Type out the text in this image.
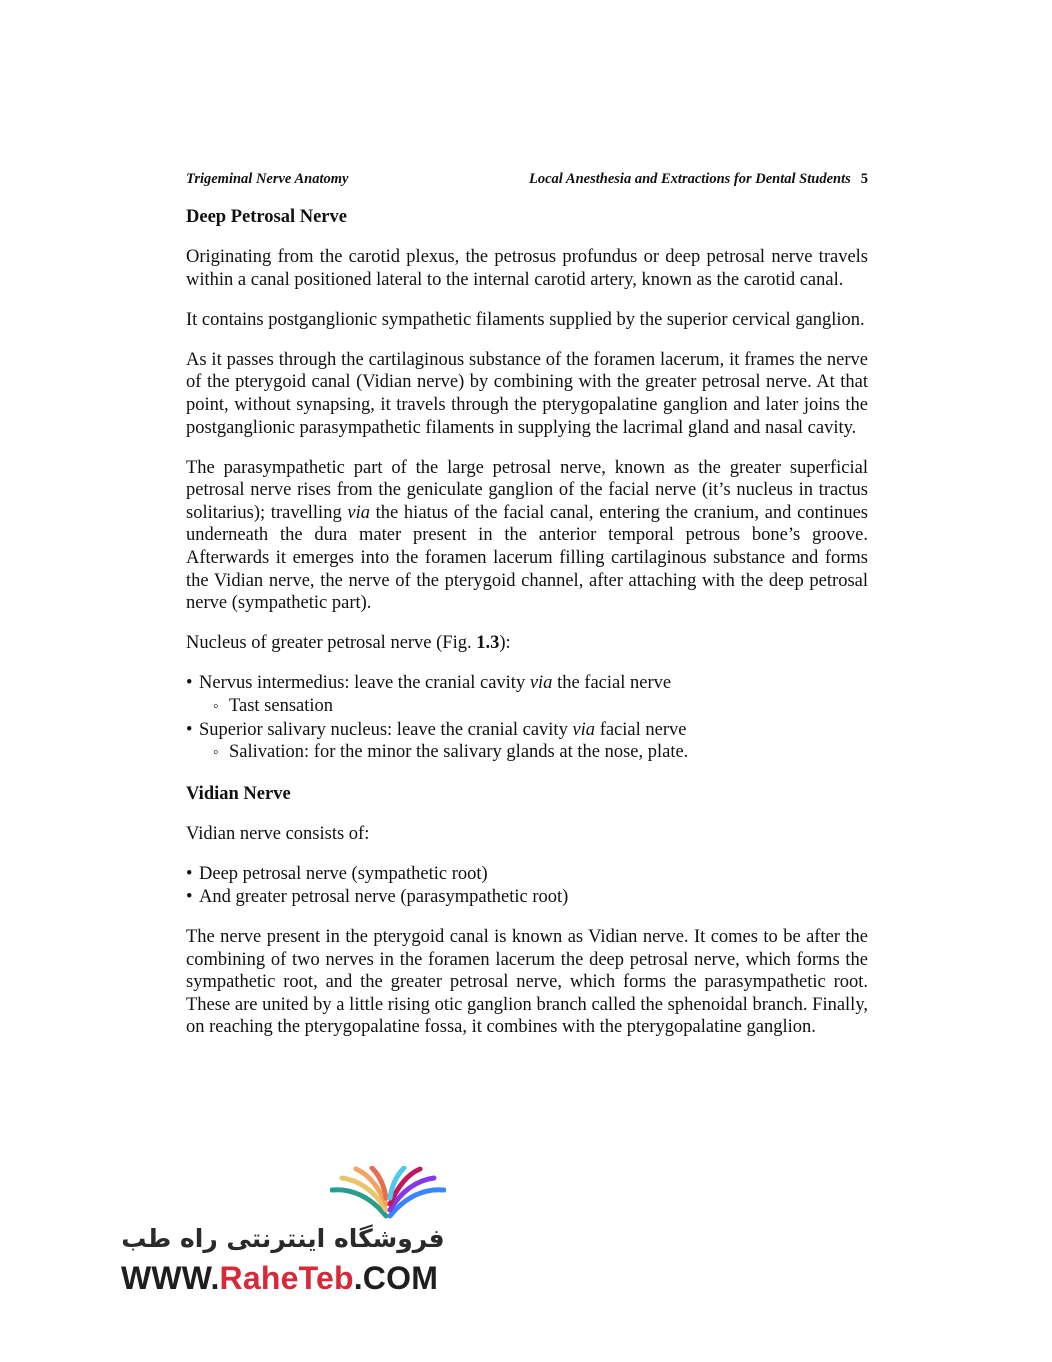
Trigeminal Nerve Anatomy	Local Anesthesia and Extractions for Dental Students 5
Deep Petrosal Nerve

Originating from the carotid plexus, the petrosus profundus or deep petrosal nerve travels within a canal positioned lateral to the internal carotid artery, known as the carotid canal.

It contains postganglionic sympathetic filaments supplied by the superior cervical ganglion.

As it passes through the cartilaginous substance of the foramen lacerum, it frames the nerve of the pterygoid canal (Vidian nerve) by combining with the greater petrosal nerve. At that point, without synapsing, it travels through the pterygopalatine ganglion and later joins the postganglionic parasympathetic filaments in supplying the lacrimal gland and nasal cavity.

The parasympathetic part of the large petrosal nerve, known as the greater superficial petrosal nerve rises from the geniculate ganglion of the facial nerve (it’s nucleus in tractus solitarius); travelling via the hiatus of the facial canal, entering the cranium, and continues underneath the dura mater present in the anterior temporal petrous bone’s groove. Afterwards it emerges into the foramen lacerum filling cartilaginous substance and forms the Vidian nerve, the nerve of the pterygoid channel, after attaching with the deep petrosal nerve (sympathetic part).

Nucleus of greater petrosal nerve (Fig. 1.3):

• Nervus intermedius: leave the cranial cavity via the facial nerve
◦ Tast sensation
• Superior salivary nucleus: leave the cranial cavity via facial nerve
◦ Salivation: for the minor the salivary glands at the nose, plate.
Vidian Nerve

Vidian nerve consists of:

• Deep petrosal nerve (sympathetic root)
• And greater petrosal nerve (parasympathetic root)

The nerve present in the pterygoid canal is known as Vidian nerve. It comes to be after the combining of two nerves in the foramen lacerum the deep petrosal nerve, which forms the sympathetic root, and the greater petrosal nerve, which forms the parasympathetic root. These are united by a little rising otic ganglion branch called the sphenoidal branch. Finally, on reaching the pterygopalatine fossa, it combines with the pterygopalatine ganglion.

فروشگاه اینترنتی راه طب
WWW.RaheTeb.COM
